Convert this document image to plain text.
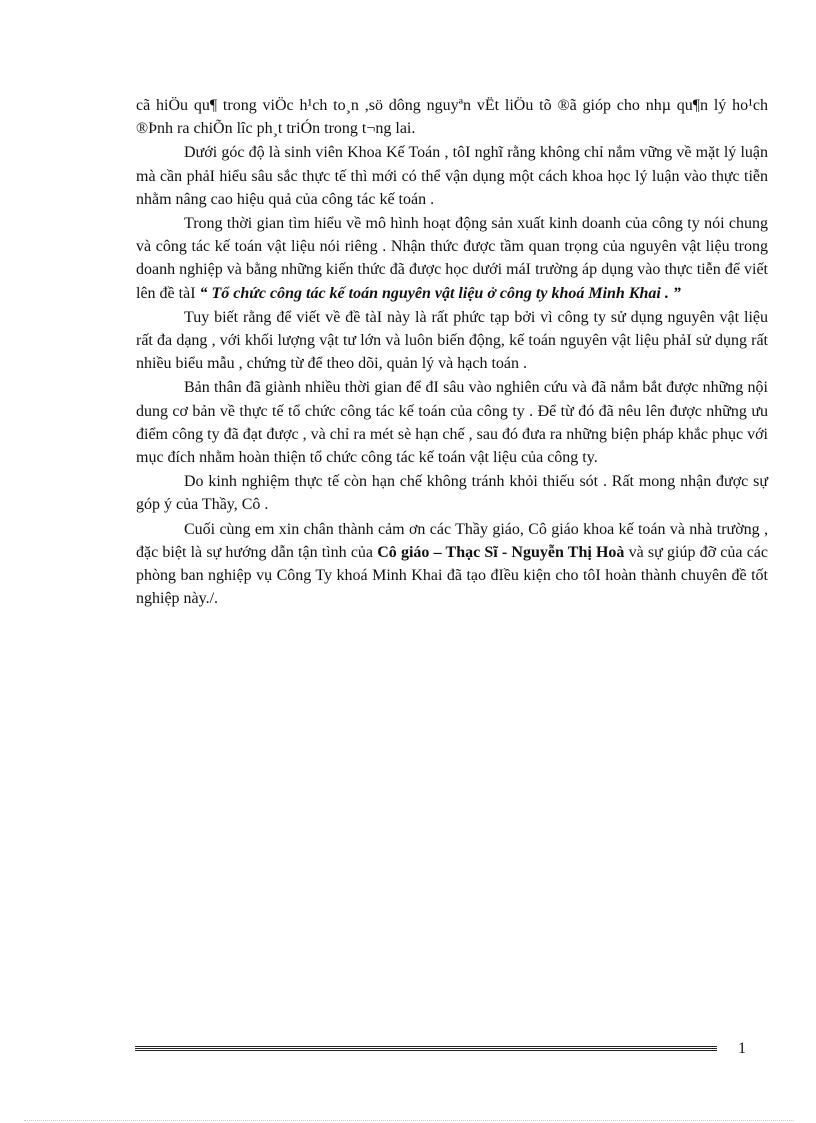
cã hiÖu qu¶ trong viÖc h¹ch to¸n ,sö dông nguyªn vËt liÖu tõ ®ã gióp cho nhµ qu¶n lý ho¹ch ®Þnh ra chiÕn lîc ph¸t triÓn trong t¬ng lai.

Dưới góc độ là sinh viên Khoa Kế Toán , tôI nghĩ rằng không chỉ nắm vững về mặt lý luận mà cần phảI hiểu sâu sắc thực tế thì mới có thể vận dụng một cách khoa học lý luận vào thực tiễn nhằm nâng cao hiệu quả của công tác kế toán .

Trong thời gian tìm hiểu về mô hình hoạt động sản xuất kinh doanh của công ty nói chung và công tác kế toán vật liệu nói riêng . Nhận thức được tầm quan trọng của nguyên vật liệu trong doanh nghiệp và bằng những kiến thức đã được học dưới máI trường áp dụng vào thực tiễn để viết lên đề tàI “ Tổ chức công tác kế toán nguyên vật liệu ở công ty khoá Minh Khai . ”

Tuy biết rằng để viết về đề tàI này là rất phức tạp bởi vì công ty sử dụng nguyên vật liệu rất đa dạng , với khối lượng vật tư lớn và luôn biến động, kế toán nguyên vật liệu phảI sử dụng rất nhiều biểu mẫu , chứng từ để theo dõi, quản lý và hạch toán .

Bản thân đã giành nhiều thời gian để đI sâu vào nghiên cứu và đã nắm bắt được những nội dung cơ bản về thực tế tổ chức công tác kế toán của công ty . Để từ đó đã nêu lên được những ưu điểm công ty đã đạt được , và chỉ ra mét sè hạn chế , sau đó đưa ra những biện pháp khắc phục với mục đích nhằm hoàn thiện tổ chức công tác kế toán vật liệu của công ty.

Do kinh nghiệm thực tế còn hạn chế không tránh khỏi thiếu sót . Rất mong nhận được sự góp ý của Thầy, Cô .

Cuối cùng em xin chân thành cảm ơn các Thầy giáo, Cô giáo khoa kế toán và nhà trường , đặc biệt là sự hướng dẫn tận tình của Cô giáo – Thạc Sĩ - Nguyễn Thị Hoà và sự giúp đỡ của các phòng ban nghiệp vụ Công Ty khoá Minh Khai đã tạo đIều kiện cho tôI hoàn thành chuyên đề tốt nghiệp này./.

1
